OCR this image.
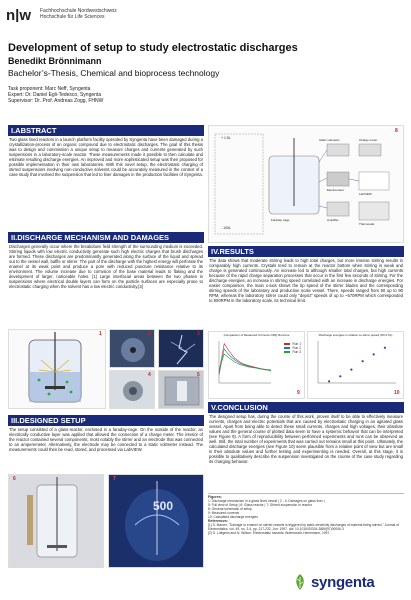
n|w Fachhochschule Nordwestschweiz
Hochschule für Life Sciences
Development of setup to study electrostatic discharges
Benedikt Brönnimann
Bachelor’s-Thesis, Chemical and bioprocess technology
Task proponent: Marc Neff, Syngenta
Expert: Dr. Daniel Egli-Tedesco, Syngenta
Supervisor: Dr. Prof. Andreas Zogg, FHNW
I.ABSTRACT
Two glass lined reactors in a launch platform facility operated by Syngenta have been damaged during a crystallization-process of an organic compound due to electrostatic discharges. The goal of this thesis was to design and commission a unique setup to measure charges and currents generated by such suspensions in a laboratory-scale reactor. These measurements made it possible to then calculate and estimate resulting discharge energies. An improved and more sophisticated setup was then proposed for possible implementation in their own laboratories. With this novel setup, the electrostatic charging of stirred suspensions involving non-conductive solvents could be accurately measured in the context of a case study that involved the suspension that led to liner damages in the production facilities of Syngenta.
II.DISCHARGE MECHANISM AND DAMAGES
Discharges generally occur where the breakdown field strength of the surrounding medium is exceeded. Stirring liquids with low electric conductivity generate such high electric charges that brush discharges are formed. These discharges are predominantly generated along the surface of the liquid and spread out to the vessel wall, baffle or stirrer. The part of the discharge with the highest energy will perforate the enamel at its weak point and produce a pore with reduced puncture resistance relative to its environment. The volume increase due to corrosion of the base material leads to flaking and the development of larger, noticeable holes. [1] Large interfacial areas between the two phases in suspensions where electrical double layers can form on the particle surfaces are especially prone to electrostatic charging when the solvent has a low electric conductivity.[2]
1	2	3
4	5
III.DESIGNED SETUP
The setup consisted of a glass-reactor, enclosed in a faraday-cage. On the outside of the reactor, an electrically conductive layer was applied that allowed the connection of a charge meter. The interior of the reactor contained several components, most notably the stirrer and an electrode that was connected to an amperemeter. Alternatively, the electrode may be connected to a static voltmeter instead. The measurements could then be read, stored, and processed via LabVIEW.
6
500
7
+ 1.5L
- 100L
Static voltmeter	Charge meter
Electrometer
LabVIEW
Amplifier
Thermostat
Faraday cage
8
IV.RESULTS
The data shows that moderate stirring leads to high total charges, but more intense stirring results in comparably high currents. Crystals tend to remain at the reactor bottom when stirring is weak and charge is generated continuously. An increase led to although smaller total charges, but high currents because of the rapid charge separation processes that occur in the first few seconds of stirring. For the discharge energies, an increase in stirring speed correlated with an increase in discharge energies. For easier comparison, the main x-axis shows the tip speed of the stirrer blades and the corresponding stirring speeds of the laboratory and production scale vessel. There, speeds ranged from 50 up to 90 RPM, whereas the laboratory stirrer could only "depict" speeds of up to ~570RPM which corresponded to 900RPM in the laboratory scale, its technical limit.
Comparison of Measured Currents ORQ Runners
Run 1
Run 2
Run 3
9
Discharge energies in relation to stirrer speed (W=1.5L)
10
V.CONCLUSION
The designed setup has, during the course of this work, proven itself to be able to effectively measure currents, charges and electric potentials that are caused by electrostatic charging in an agitated glass vessel. Apart from being able to detect these small currents, charges and high voltages, their absolute values and the general course of plotted data seem to have a systemic behavior that can be interpreted (see Figure 9). A form of reproducibility between performed experiments and runs can be observed as well. Still, the total number of experiments that was carried out remains small at this point. Ultimately, the calculated discharge energies (see Figure 10) seem plausible from a relative point of view but are small in their absolute values and further testing and experimenting is needed. Overall, at this stage, it is possible to qualitatively describe the suspension investigated on the course of the case study regarding its charging behavior.
Figures:
1: Discharge mechanism in a glass lined vessel | 2 - 4: Damages on glass liner |
5: Full view of Setup | 6: Glass reactor | 7: Stirred suspension in reactor
8: General schematic of setup
9: Measured currents
10: Calculated discharge energies
References:
[1] S. Maurer, "Damage to enamel on stirred vessels is triggered by static electricity discharges of material being stirred," Journal of Electrostatics, vol. 49, no. 3-4, pp. 217-232, Jun. 1997. doi: 10.1016/S0304-3886(97)00006-3
[2] G. Lüttgens and N. Wilson, Electrostatic hazards. Butterworth-Heinemann, 1997.
syngenta
